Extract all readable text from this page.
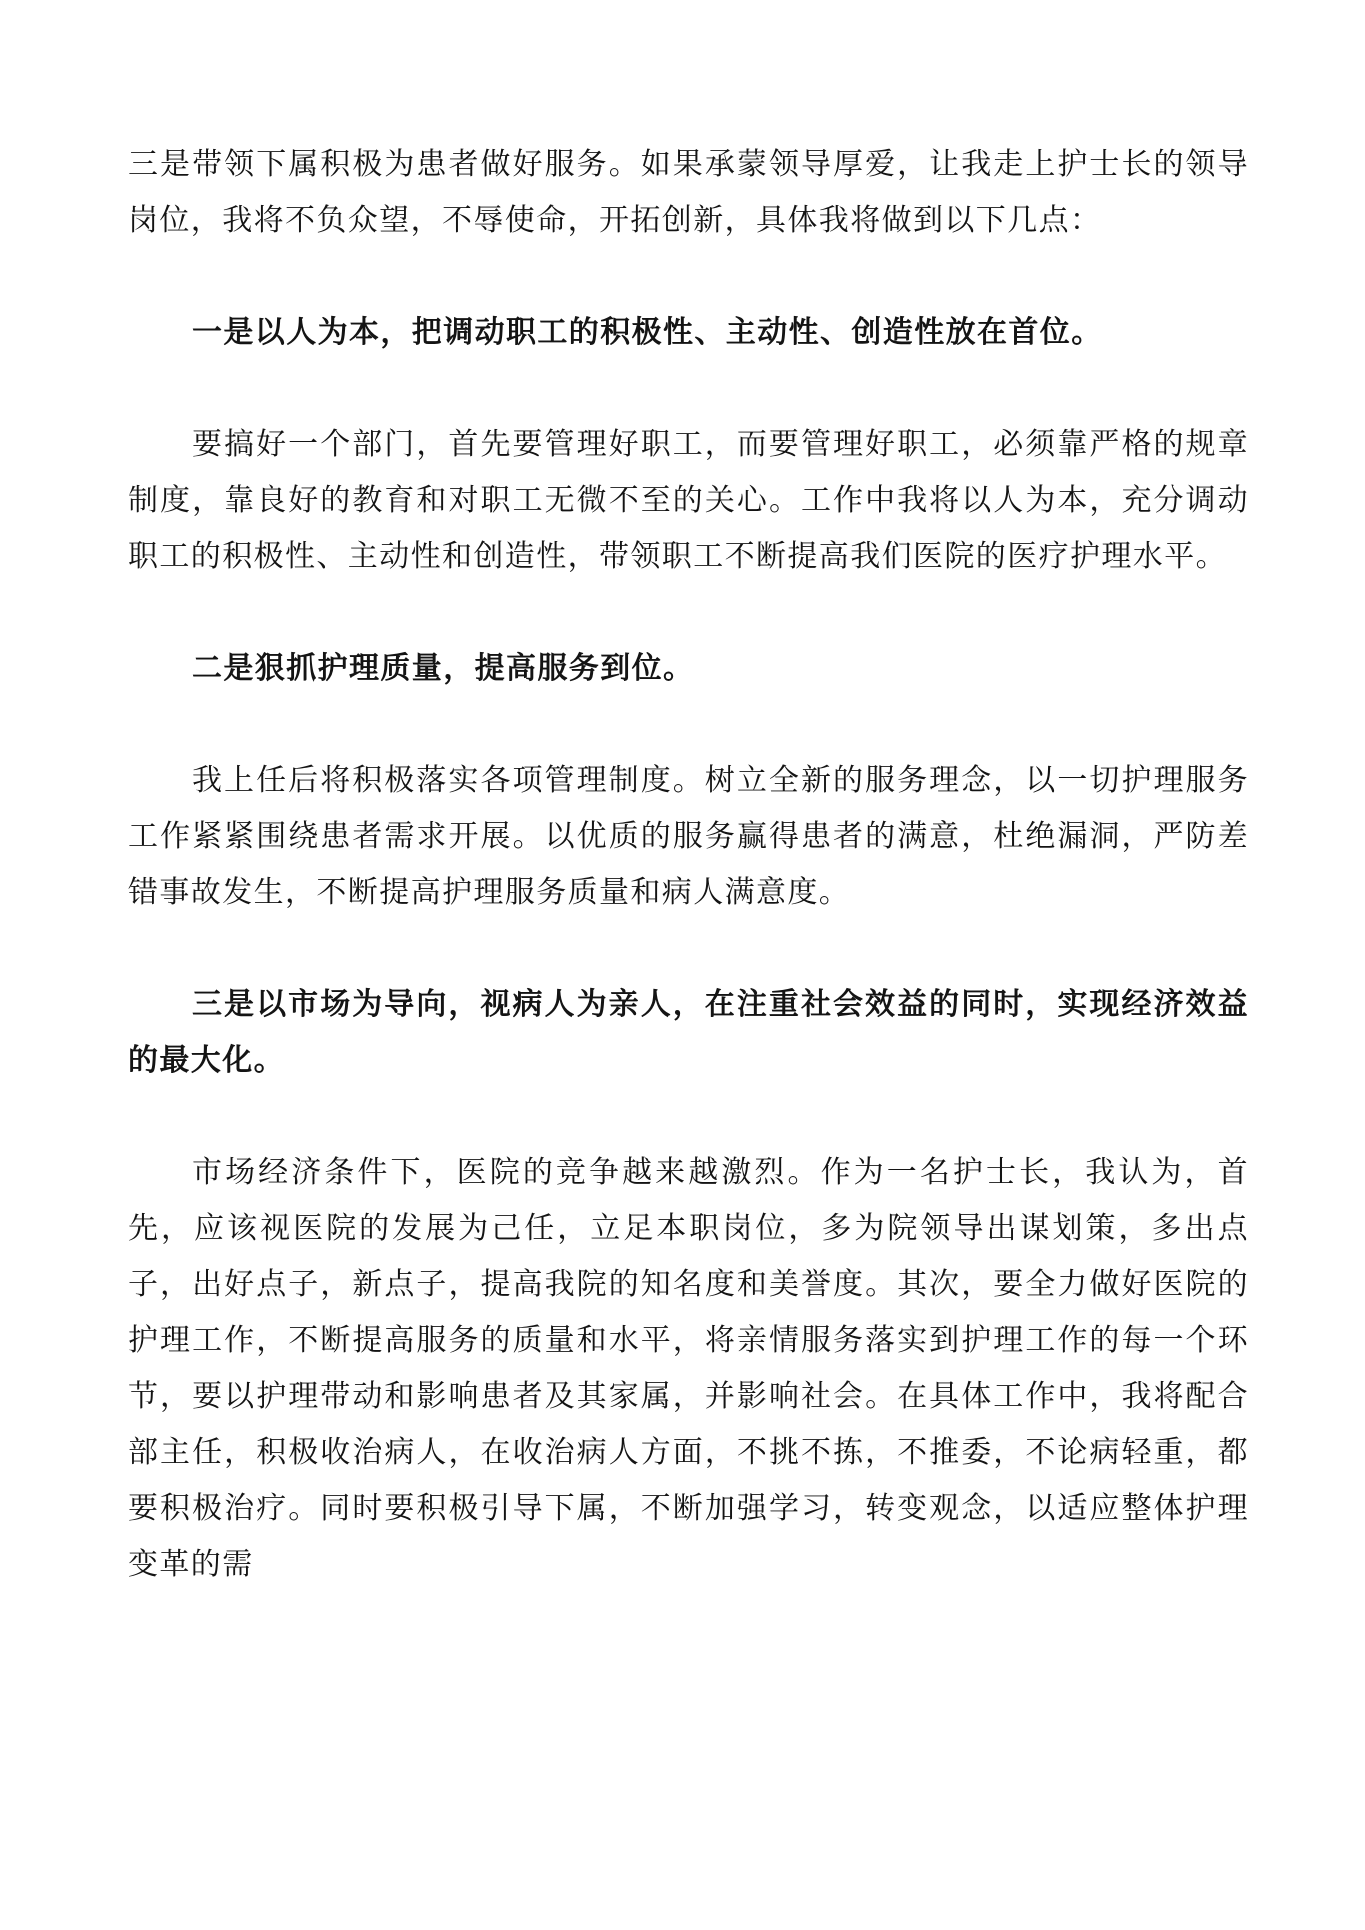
三是带领下属积极为患者做好服务。如果承蒙领导厚爱，让我走上护士长的领导岗位，我将不负众望，不辱使命，开拓创新，具体我将做到以下几点：

一是以人为本，把调动职工的积极性、主动性、创造性放在首位。

要搞好一个部门，首先要管理好职工，而要管理好职工，必须靠严格的规章制度，靠良好的教育和对职工无微不至的关心。工作中我将以人为本，充分调动职工的积极性、主动性和创造性，带领职工不断提高我们医院的医疗护理水平。

二是狠抓护理质量，提高服务到位。

我上任后将积极落实各项管理制度。树立全新的服务理念，以一切护理服务工作紧紧围绕患者需求开展。以优质的服务赢得患者的满意，杜绝漏洞，严防差错事故发生，不断提高护理服务质量和病人满意度。

三是以市场为导向，视病人为亲人，在注重社会效益的同时，实现经济效益的最大化。

市场经济条件下，医院的竞争越来越激烈。作为一名护士长，我认为，首先，应该视医院的发展为己任，立足本职岗位，多为院领导出谋划策，多出点子，出好点子，新点子，提高我院的知名度和美誉度。其次，要全力做好医院的护理工作，不断提高服务的质量和水平，将亲情服务落实到护理工作的每一个环节，要以护理带动和影响患者及其家属，并影响社会。在具体工作中，我将配合部主任，积极收治病人，在收治病人方面，不挑不拣，不推委，不论病轻重，都要积极治疗。同时要积极引导下属，不断加强学习，转变观念，以适应整体护理变革的需
